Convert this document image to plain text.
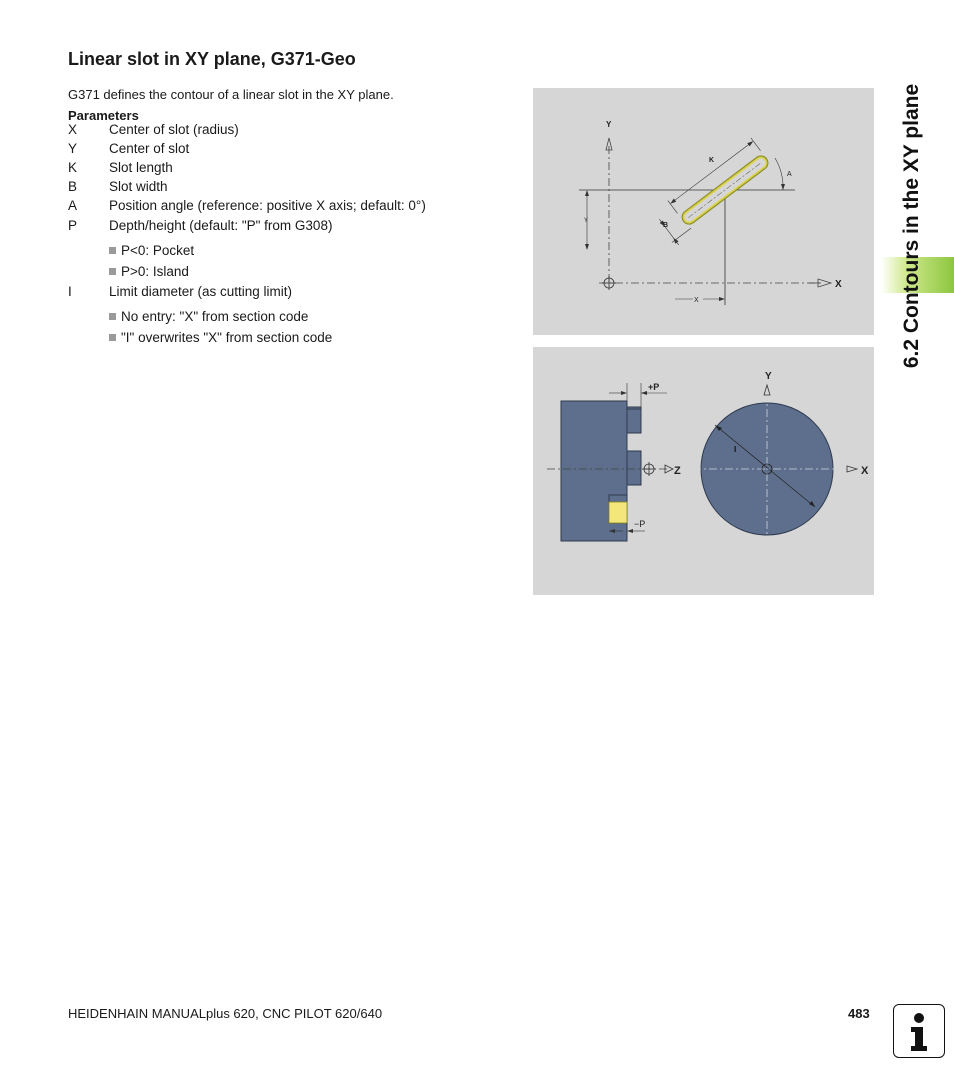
Linear slot in XY plane, G371-Geo
G371 defines the contour of a linear slot in the XY plane.
Parameters
X Center of slot (radius)
Y Center of slot
K Slot length
B Slot width
A Position angle (reference: positive X axis; default: 0°)
P Depth/height (default: "P" from G308)
P<0: Pocket
P>0: Island
I	Limit diameter (as cutting limit)
No entry: "X" from section code
"I" overwrites "X" from section code
Y
X
Y
X
K
B
A
+P
−P
Z
Y
X
I
6.2 Contours in the XY plane
HEIDENHAIN MANUALplus 620, CNC PILOT 620/640	483
